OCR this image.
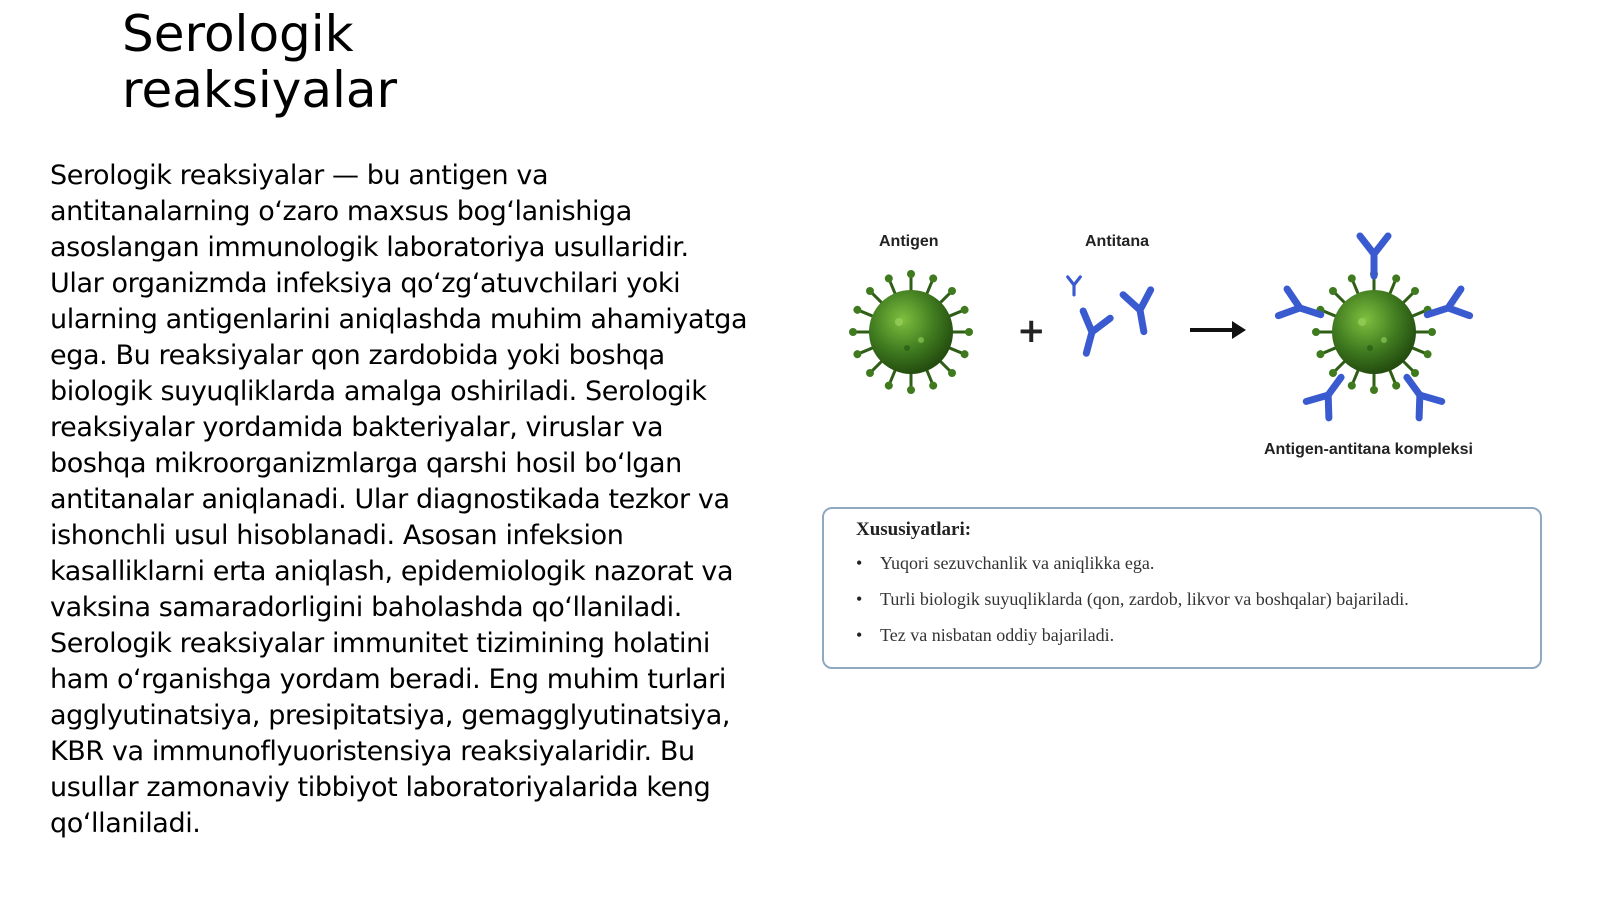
Serologik
reaksiyalar

Serologik reaksiyalar — bu antigen va antitanalarning o‘zaro maxsus bog‘lanishiga asoslangan immunologik laboratoriya usullaridir. Ular organizmda infeksiya qo‘zg‘atuvchilari yoki ularning antigenlarini aniqlashda muhim ahamiyatga ega. Bu reaksiyalar qon zardobida yoki boshqa biologik suyuqliklarda amalga oshiriladi. Serologik reaksiyalar yordamida bakteriyalar, viruslar va boshqa mikroorganizmlarga qarshi hosil bo‘lgan antitanalar aniqlanadi. Ular diagnostikada tezkor va ishonchli usul hisoblanadi. Asosan infeksion kasalliklarni erta aniqlash, epidemiologik nazorat va vaksina samaradorligini baholashda qo‘llaniladi. Serologik reaksiyalar immunitet tizimining holatini ham o‘rganishga yordam beradi. Eng muhim turlari agglyutinatsiya, presipitatsiya, gemagglyutinatsiya, KBR va immunoflyuoristensiya reaksiyalaridir. Bu usullar zamonaviy tibbiyot laboratoriyalarida keng qo‘llaniladi.

Antigen	Antitana
Antigen-antitana kompleksi
+
Xususiyatlari:
• Yuqori sezuvchanlik va aniqlikka ega.
• Turli biologik suyuqliklarda (qon, zardob, likvor va boshqalar) bajariladi.
• Tez va nisbatan oddiy bajariladi.
